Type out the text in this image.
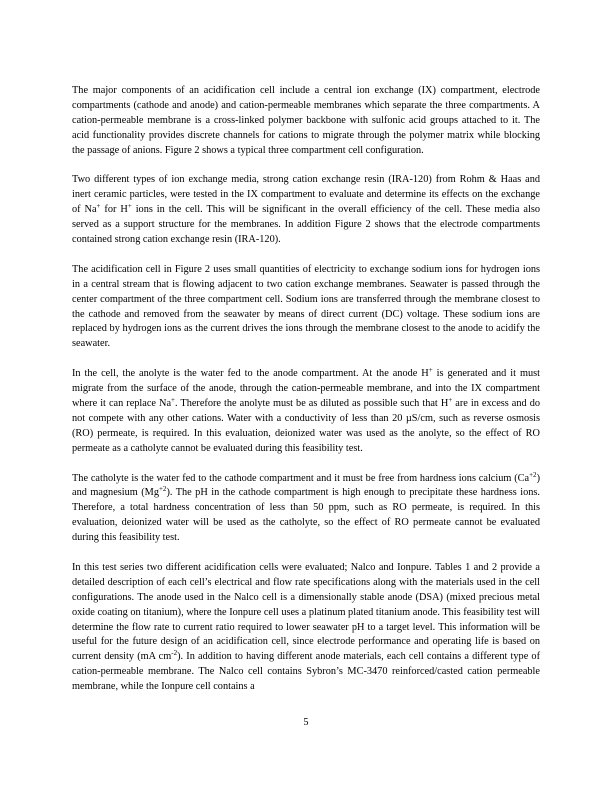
The major components of an acidification cell include a central ion exchange (IX) compartment, electrode compartments (cathode and anode) and cation-permeable membranes which separate the three compartments. A cation-permeable membrane is a cross-linked polymer backbone with sulfonic acid groups attached to it. The acid functionality provides discrete channels for cations to migrate through the polymer matrix while blocking the passage of anions. Figure 2 shows a typical three compartment cell configuration.

Two different types of ion exchange media, strong cation exchange resin (IRA-120) from Rohm & Haas and inert ceramic particles, were tested in the IX compartment to evaluate and determine its effects on the exchange of Na+ for H+ ions in the cell. This will be significant in the overall efficiency of the cell. These media also served as a support structure for the membranes. In addition Figure 2 shows that the electrode compartments contained strong cation exchange resin (IRA-120).

The acidification cell in Figure 2 uses small quantities of electricity to exchange sodium ions for hydrogen ions in a central stream that is flowing adjacent to two cation exchange membranes. Seawater is passed through the center compartment of the three compartment cell. Sodium ions are transferred through the membrane closest to the cathode and removed from the seawater by means of direct current (DC) voltage. These sodium ions are replaced by hydrogen ions as the current drives the ions through the membrane closest to the anode to acidify the seawater.

In the cell, the anolyte is the water fed to the anode compartment. At the anode H+ is generated and it must migrate from the surface of the anode, through the cation-permeable membrane, and into the IX compartment where it can replace Na+. Therefore the anolyte must be as diluted as possible such that H+ are in excess and do not compete with any other cations. Water with a conductivity of less than 20 µS/cm, such as reverse osmosis (RO) permeate, is required. In this evaluation, deionized water was used as the anolyte, so the effect of RO permeate as a catholyte cannot be evaluated during this feasibility test.

The catholyte is the water fed to the cathode compartment and it must be free from hardness ions calcium $(Ca^{+2})$ and magnesium $(Mg^{+2})$. The pH in the cathode compartment is high enough to precipitate these hardness ions. Therefore, a total hardness concentration of less than 50 ppm, such as RO permeate, is required. In this evaluation, deionized water will be used as the catholyte, so the effect of RO permeate cannot be evaluated during this feasibility test.

In this test series two different acidification cells were evaluated; Nalco and Ionpure. Tables 1 and 2 provide a detailed description of each cell’s electrical and flow rate specifications along with the materials used in the cell configurations. The anode used in the Nalco cell is a dimensionally stable anode (DSA) (mixed precious metal oxide coating on titanium), where the Ionpure cell uses a platinum plated titanium anode. This feasibility test will determine the flow rate to current ratio required to lower seawater pH to a target level. This information will be useful for the future design of an acidification cell, since electrode performance and operating life is based on current density (mA $cm^{-2}$). In addition to having different anode materials, each cell contains a different type of cation-permeable membrane. The Nalco cell contains Sybron’s MC-3470 reinforced/casted cation permeable membrane, while the Ionpure cell contains a

5
